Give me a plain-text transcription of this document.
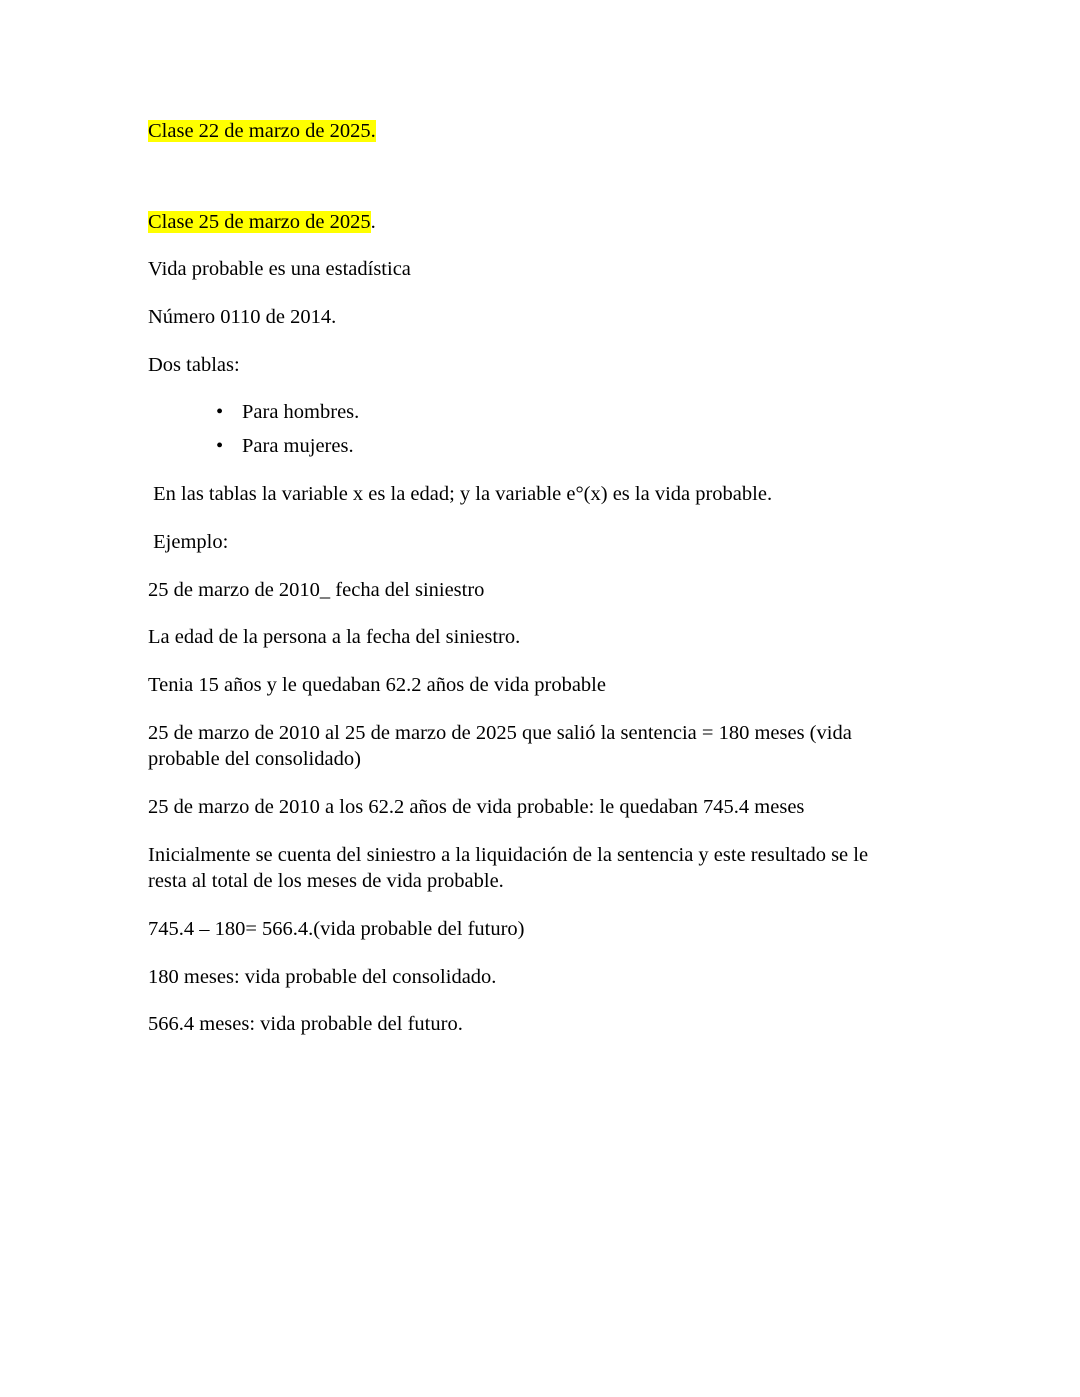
Clase 22 de marzo de 2025.

Clase 25 de marzo de 2025.

Vida probable es una estadística

Número 0110 de 2014.

Dos tablas:

• Para hombres.
• Para mujeres.

En las tablas la variable x es la edad; y la variable e°(x) es la vida probable.

Ejemplo:

25 de marzo de 2010_ fecha del siniestro

La edad de la persona a la fecha del siniestro.

Tenia 15 años y le quedaban 62.2 años de vida probable

25 de marzo de 2010 al 25 de marzo de 2025 que salió la sentencia = 180 meses (vida probable del consolidado)

25 de marzo de 2010 a los 62.2 años de vida probable: le quedaban 745.4 meses

Inicialmente se cuenta del siniestro a la liquidación de la sentencia y este resultado se le resta al total de los meses de vida probable.

745.4 – 180= 566.4.(vida probable del futuro)

180 meses: vida probable del consolidado.

566.4 meses: vida probable del futuro.
